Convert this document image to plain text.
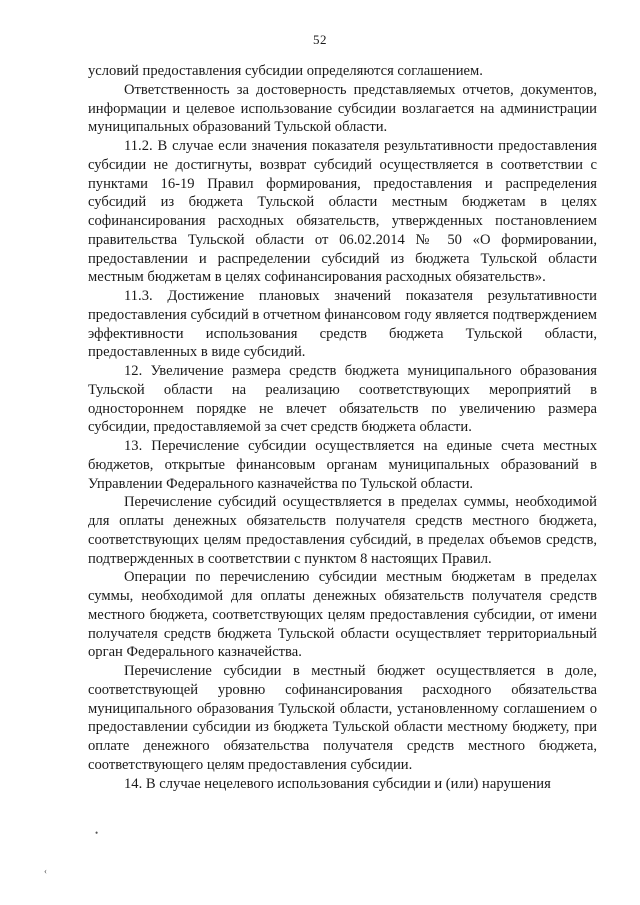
52

условий предоставления субсидии определяются соглашением.

Ответственность за достоверность представляемых отчетов, документов, информации и целевое использование субсидии возлагается на администрации муниципальных образований Тульской области.

11.2. В случае если значения показателя результативности предоставления субсидии не достигнуты, возврат субсидий осуществляется в соответствии с пунктами 16-19 Правил формирования, предоставления и распределения субсидий из бюджета Тульской области местным бюджетам в целях софинансирования расходных обязательств, утвержденных постановлением правительства Тульской области от 06.02.2014 № 50 «О формировании, предоставлении и распределении субсидий из бюджета Тульской области местным бюджетам в целях софинансирования расходных обязательств».

11.3. Достижение плановых значений показателя результативности предоставления субсидий в отчетном финансовом году является подтверждением эффективности использования средств бюджета Тульской области, предоставленных в виде субсидий.

12. Увеличение размера средств бюджета муниципального образования Тульской области на реализацию соответствующих мероприятий в одностороннем порядке не влечет обязательств по увеличению размера субсидии, предоставляемой за счет средств бюджета области.

13. Перечисление субсидии осуществляется на единые счета местных бюджетов, открытые финансовым органам муниципальных образований в Управлении Федерального казначейства по Тульской области.

Перечисление субсидий осуществляется в пределах суммы, необходимой для оплаты денежных обязательств получателя средств местного бюджета, соответствующих целям предоставления субсидий, в пределах объемов средств, подтвержденных в соответствии с пунктом 8 настоящих Правил.

Операции по перечислению субсидии местным бюджетам в пределах суммы, необходимой для оплаты денежных обязательств получателя средств местного бюджета, соответствующих целям предоставления субсидии, от имени получателя средств бюджета Тульской области осуществляет территориальный орган Федерального казначейства.

Перечисление субсидии в местный бюджет осуществляется в доле, соответствующей уровню софинансирования расходного обязательства муниципального образования Тульской области, установленному соглашением о предоставлении субсидии из бюджета Тульской области местному бюджету, при оплате денежного обязательства получателя средств местного бюджета, соответствующего целям предоставления субсидии.

14. В случае нецелевого использования субсидии и (или) нарушения

•
‹
